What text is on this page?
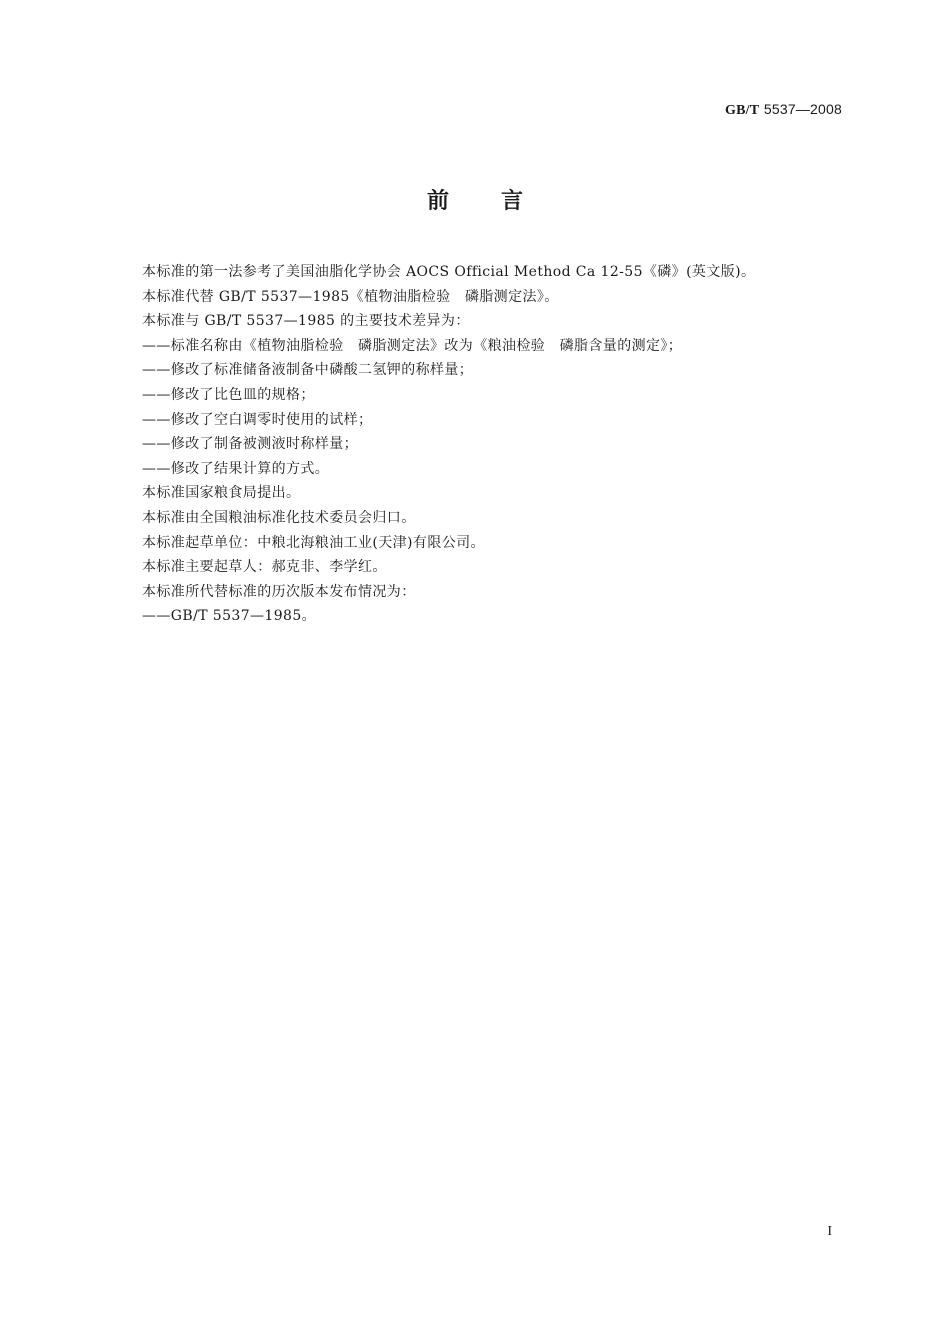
GB/T 5537—2008
前 言
本标准的第一法参考了美国油脂化学协会 AOCS Official Method Ca 12-55《磷》(英文版)。
本标准代替 GB/T 5537—1985《植物油脂检验　磷脂测定法》。
本标准与 GB/T 5537—1985 的主要技术差异为：
——标准名称由《植物油脂检验　磷脂测定法》改为《粮油检验　磷脂含量的测定》；
——修改了标准储备液制备中磷酸二氢钾的称样量；
——修改了比色皿的规格；
——修改了空白调零时使用的试样；
——修改了制备被测液时称样量；
——修改了结果计算的方式。
本标准国家粮食局提出。
本标准由全国粮油标准化技术委员会归口。
本标准起草单位：中粮北海粮油工业(天津)有限公司。
本标准主要起草人：郝克非、李学红。
本标准所代替标准的历次版本发布情况为：
——GB/T 5537—1985。
I
